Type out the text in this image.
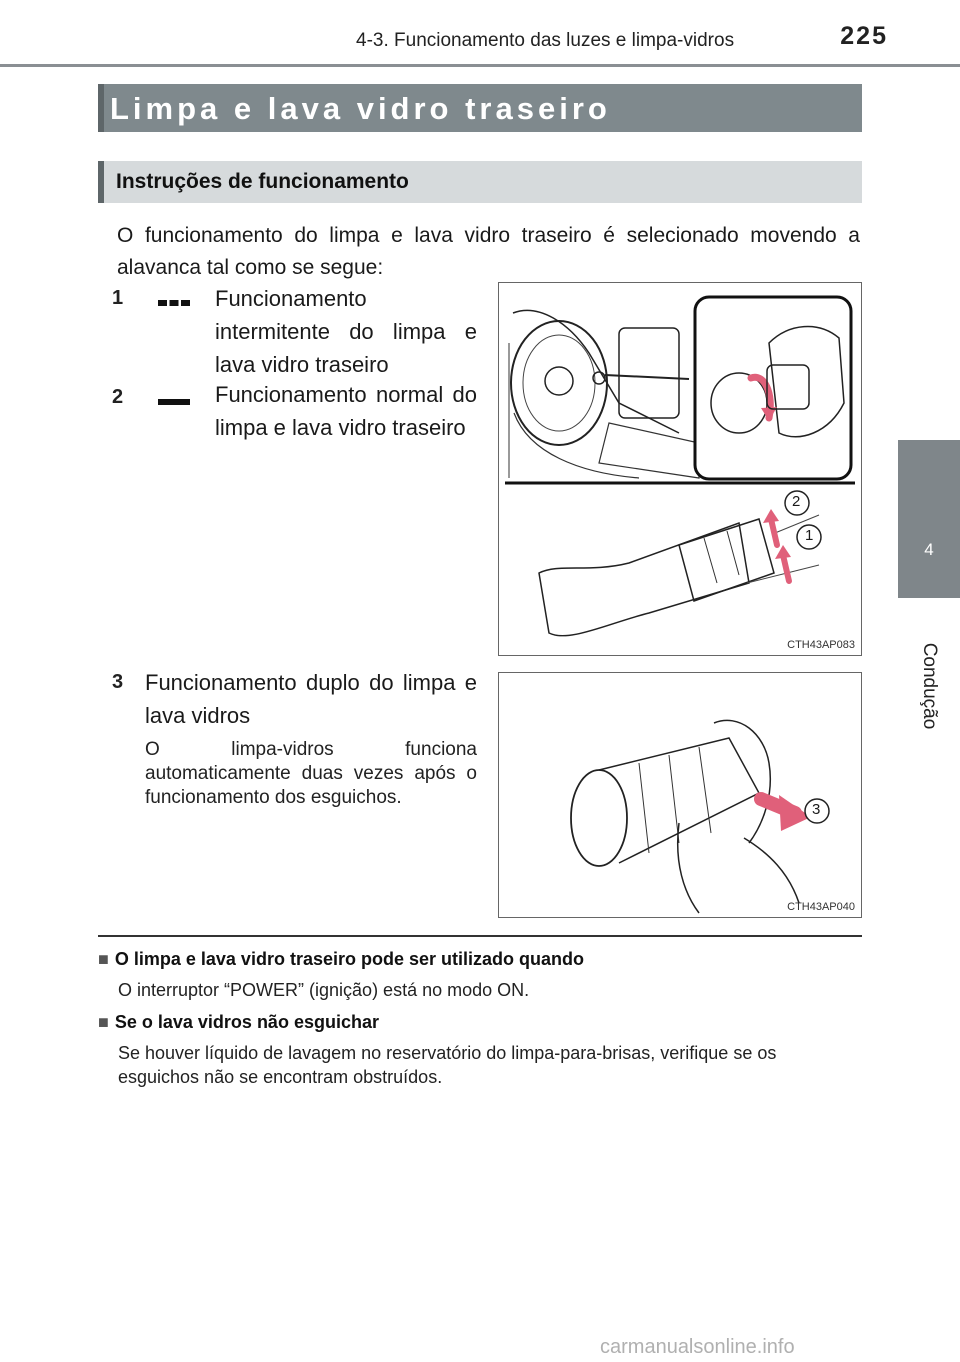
4-3. Funcionamento das luzes e limpa-vidros	225
4
Condução
Limpa e lava vidro traseiro
Instruções de funcionamento
O funcionamento do limpa e lava vidro traseiro é selecionado movendo a alavanca tal como se segue:
1	Funcionamento intermitente do limpa e lava vidro traseiro
2	Funcionamento normal do limpa e lava vidro traseiro
3 Funcionamento duplo do limpa e lava vidros
O limpa-vidros funciona automaticamente duas vezes após o funcionamento dos esguichos.
2
1
CTH43AP083
3
CTH43AP040
■ O limpa e lava vidro traseiro pode ser utilizado quando
O interruptor “POWER” (ignição) está no modo ON.
■ Se o lava vidros não esguichar
Se houver líquido de lavagem no reservatório do limpa-para-brisas, verifique se os esguichos não se encontram obstruídos.
carmanualsonline.info
